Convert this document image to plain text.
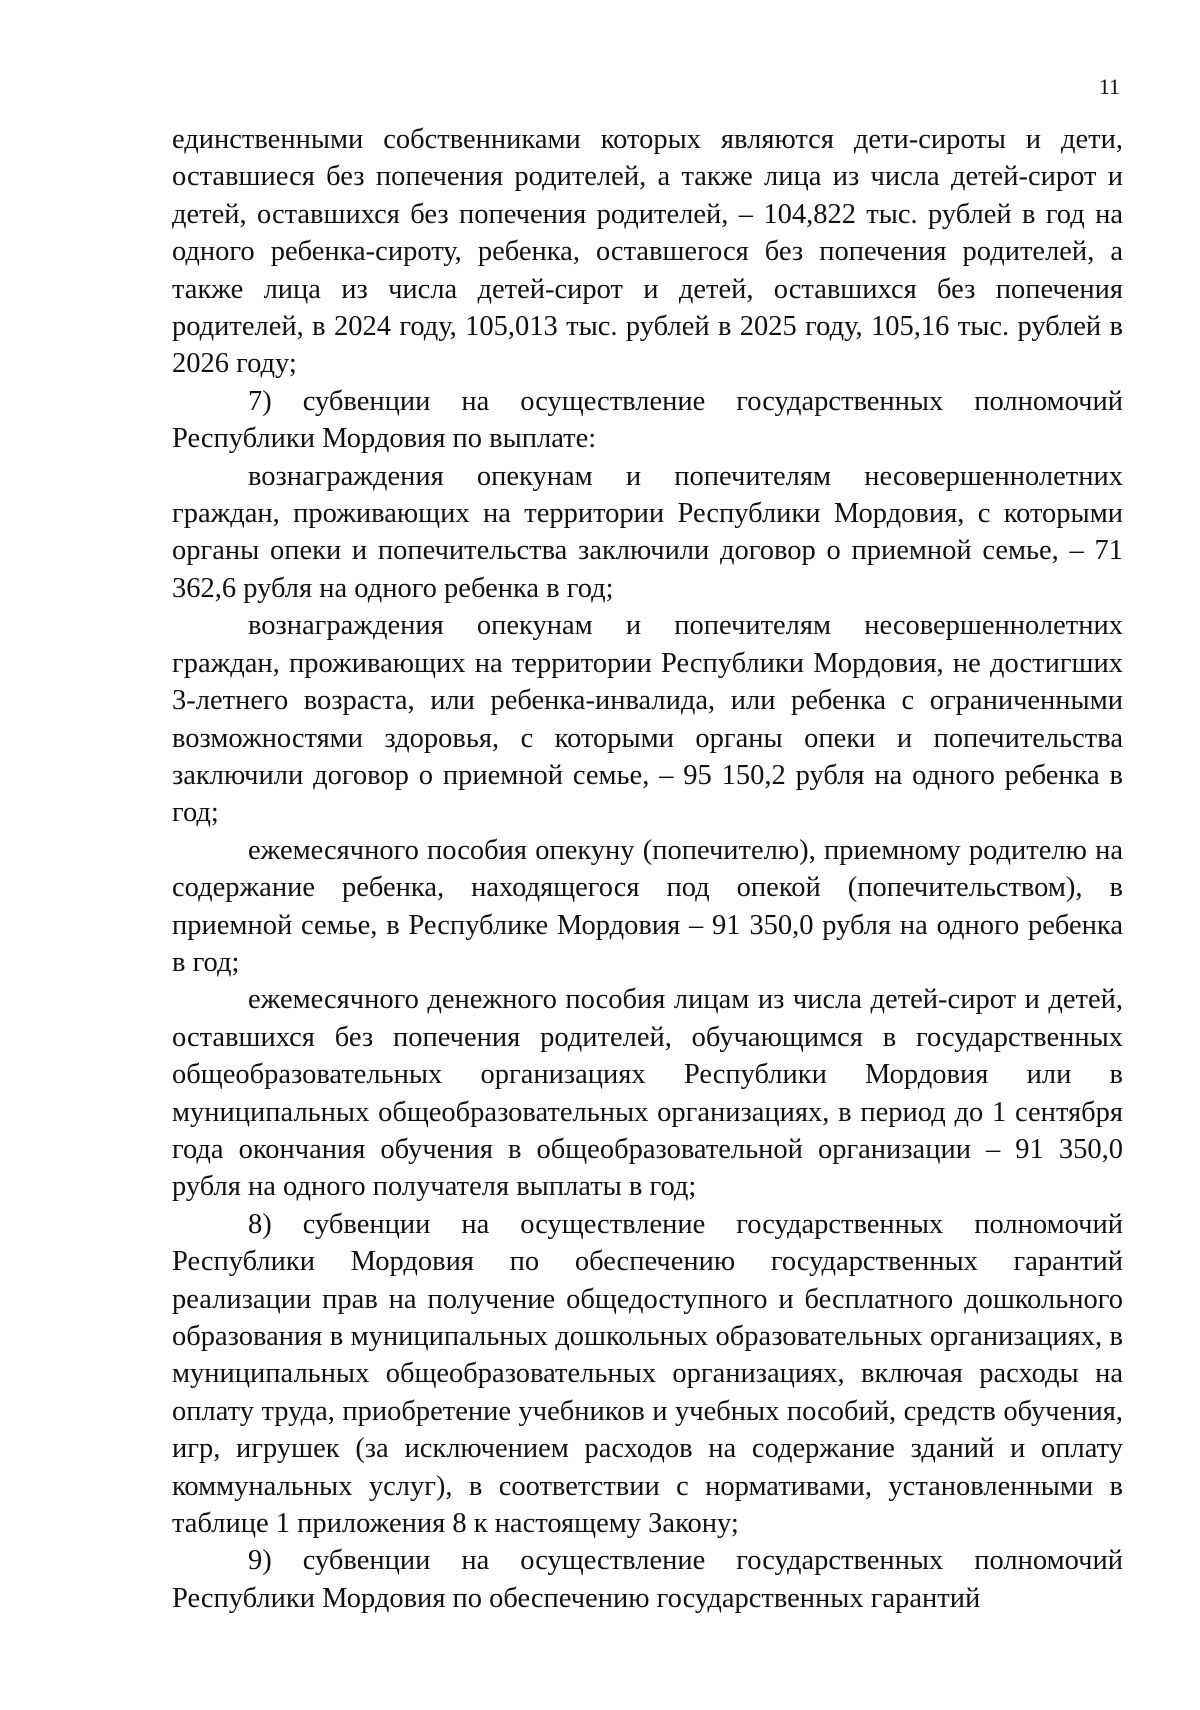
11

единственными собственниками которых являются дети-сироты и дети, оставшиеся без попечения родителей, а также лица из числа детей-сирот и детей, оставшихся без попечения родителей, – 104,822 тыс. рублей в год на одного ребенка-сироту, ребенка, оставшегося без попечения родителей, а также лица из числа детей-сирот и детей, оставшихся без попечения родителей, в 2024 году, 105,013 тыс. рублей в 2025 году, 105,16 тыс. рублей в 2026 году;

7) субвенции на осуществление государственных полномочий Республики Мордовия по выплате:

вознаграждения опекунам и попечителям несовершеннолетних граждан, проживающих на территории Республики Мордовия, с которыми органы опеки и попечительства заключили договор о приемной семье, – 71 362,6 рубля на одного ребенка в год;

вознаграждения опекунам и попечителям несовершеннолетних граждан, проживающих на территории Республики Мордовия, не достигших 3-летнего возраста, или ребенка-инвалида, или ребенка с ограниченными возможностями здоровья, с которыми органы опеки и попечительства заключили договор о приемной семье, – 95 150,2 рубля на одного ребенка в год;

ежемесячного пособия опекуну (попечителю), приемному родителю на содержание ребенка, находящегося под опекой (попечительством), в приемной семье, в Республике Мордовия – 91 350,0 рубля на одного ребенка в год;

ежемесячного денежного пособия лицам из числа детей-сирот и детей, оставшихся без попечения родителей, обучающимся в государственных общеобразовательных организациях Республики Мордовия или в муниципальных общеобразовательных организациях, в период до 1 сентября года окончания обучения в общеобразовательной организации – 91 350,0 рубля на одного получателя выплаты в год;

8) субвенции на осуществление государственных полномочий Республики Мордовия по обеспечению государственных гарантий реализации прав на получение общедоступного и бесплатного дошкольного образования в муниципальных дошкольных образовательных организациях, в муниципальных общеобразовательных организациях, включая расходы на оплату труда, приобретение учебников и учебных пособий, средств обучения, игр, игрушек (за исключением расходов на содержание зданий и оплату коммунальных услуг), в соответствии с нормативами, установленными в таблице 1 приложения 8 к настоящему Закону;

9) субвенции на осуществление государственных полномочий Республики Мордовия по обеспечению государственных гарантий
